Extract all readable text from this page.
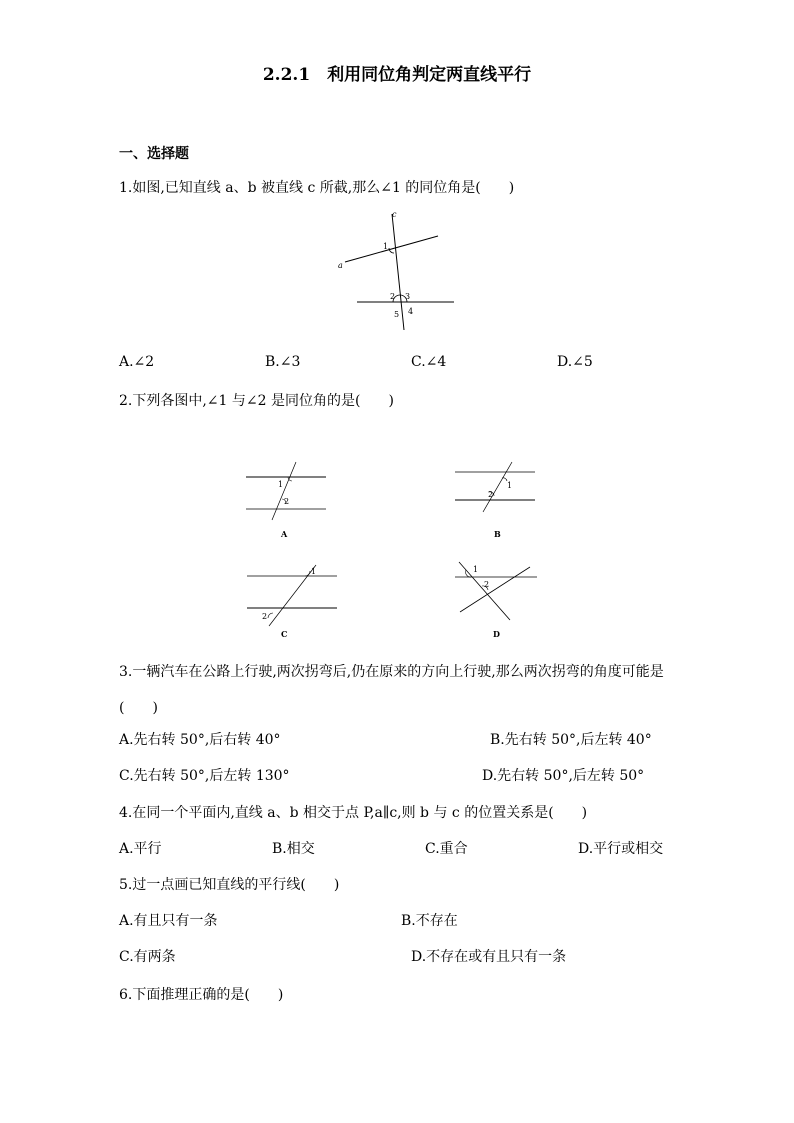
2.2.1　利用同位角判定两直线平行
一、选择题
1.如图,已知直线 a、b 被直线 c 所截,那么∠1 的同位角是(　　)
c
a
1
2 3
4
5
A.∠2	B.∠3	C.∠4	D.∠5
2.下列各图中,∠1 与∠2 是同位角的是(　　)
1
2
A
1
2
B
1
2
C
1
2
D
3.一辆汽车在公路上行驶,两次拐弯后,仍在原来的方向上行驶,那么两次拐弯的角度可能是
(　　)
A.先右转 50°,后右转 40°	B.先右转 50°,后左转 40°
C.先右转 50°,后左转 130°	D.先右转 50°,后左转 50°
4.在同一个平面内,直线 a、b 相交于点 P,a∥c,则 b 与 c 的位置关系是(　　)
A.平行	B.相交	C.重合	D.平行或相交
5.过一点画已知直线的平行线(　　)
A.有且只有一条	B.不存在
C.有两条	D.不存在或有且只有一条
6.下面推理正确的是(　　)
